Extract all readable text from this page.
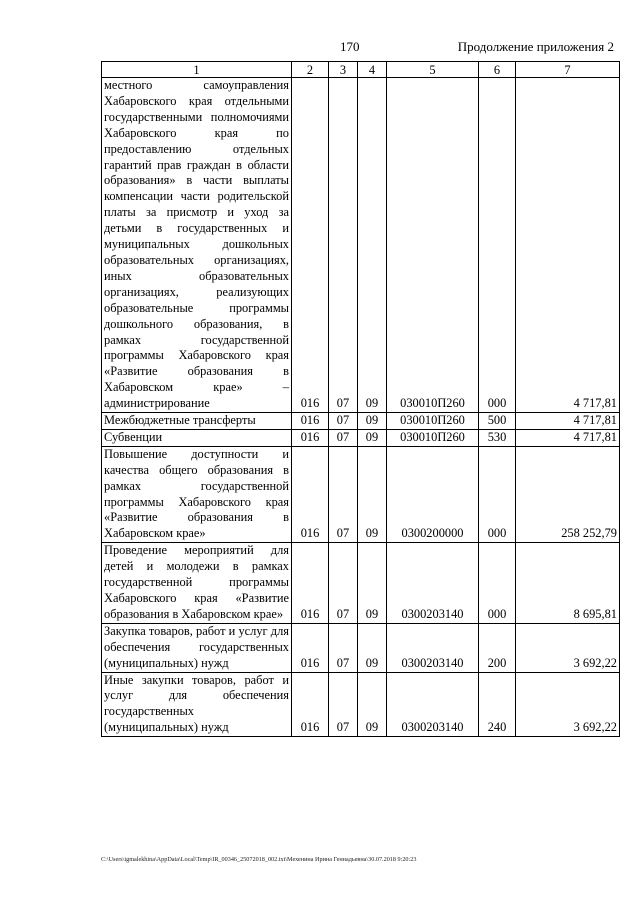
170	Продолжение приложения 2
1	2	3	4	5	6	7
местного самоуправления Хабаровского края отдельными государственными полномочиями Хабаровского края по предоставлению отдельных гарантий прав граждан в области образования» в части выплаты компенсации части родительской платы за присмотр и уход за детьми в государственных и муниципальных дошкольных образовательных организациях, иных образовательных организациях, реализующих образовательные программы дошкольного образования, в рамках государственной программы Хабаровского края «Развитие образования в Хабаровском крае» – администрирование	016	07	09	030010П260	000	4 717,81
Межбюджетные трансферты	016	07	09	030010П260	500	4 717,81
Субвенции	016	07	09	030010П260	530	4 717,81
Повышение доступности и качества общего образования в рамках государственной программы Хабаровского края «Развитие образования в Хабаровском крае»	016	07	09	0300200000	000	258 252,79
Проведение мероприятий для детей и молодежи в рамках государственной программы Хабаровского края «Развитие образования в Хабаровском крае»	016	07	09	0300203140	000	8 695,81
Закупка товаров, работ и услуг для обеспечения государственных (муниципальных) нужд	016	07	09	0300203140	200	3 692,22
Иные закупки товаров, работ и услуг для обеспечения государственных (муниципальных) нужд	016	07	09	0300203140	240	3 692,22
C:\Users\igmalekhina\AppData\Local\Temp\IR_00346_25072018_002.txt\Мехенина Ирина Геннадьевна\30.07.2018 9:20:23
